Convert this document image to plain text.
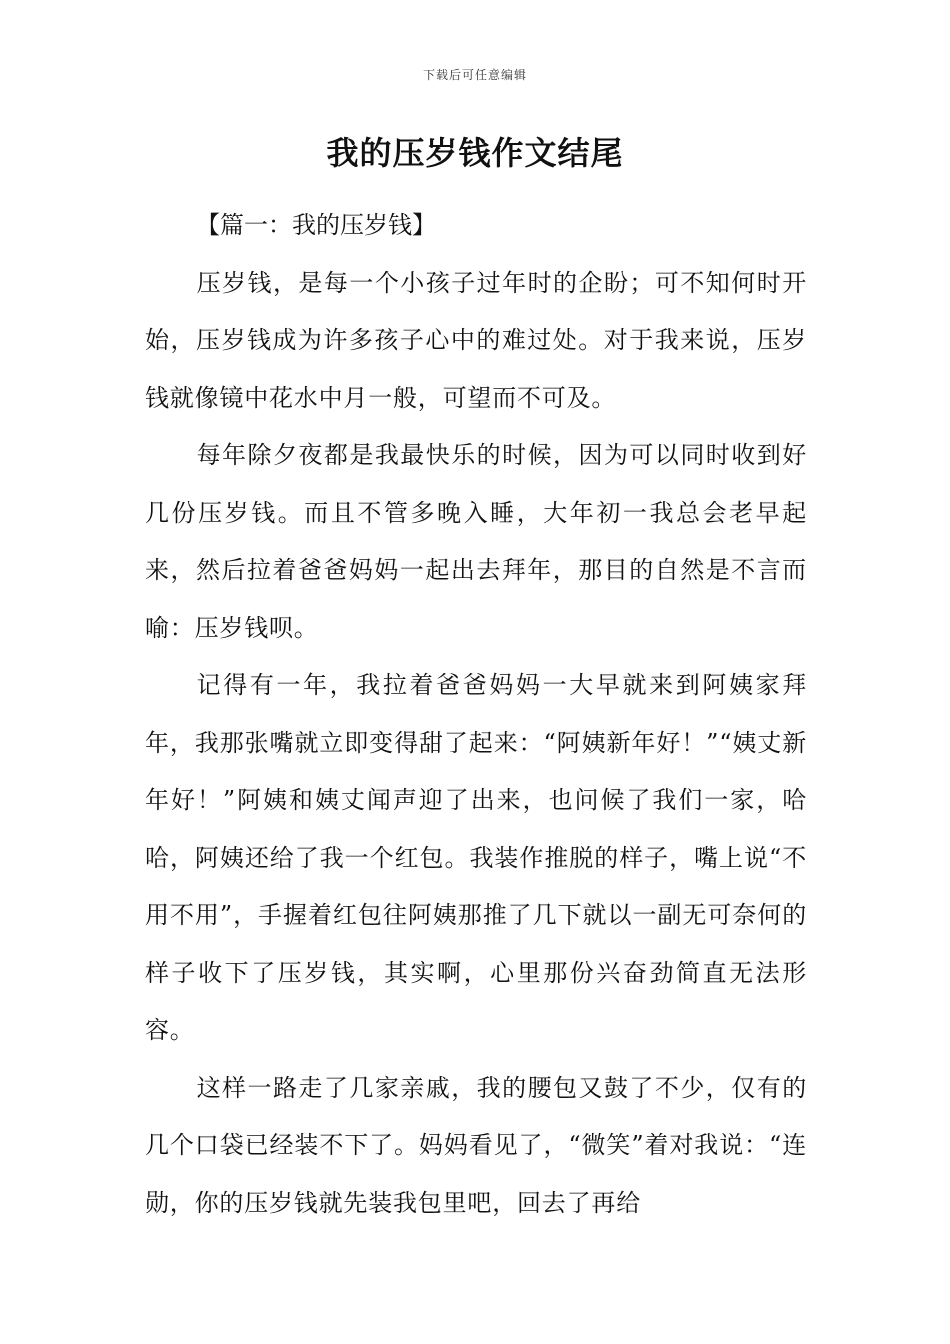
下载后可任意编辑
我的压岁钱作文结尾

【篇一：我的压岁钱】

压岁钱，是每一个小孩子过年时的企盼；可不知何时开始，压岁钱成为许多孩子心中的难过处。对于我来说，压岁钱就像镜中花水中月一般，可望而不可及。

每年除夕夜都是我最快乐的时候，因为可以同时收到好几份压岁钱。而且不管多晚入睡，大年初一我总会老早起来，然后拉着爸爸妈妈一起出去拜年，那目的自然是不言而喻：压岁钱呗。

记得有一年，我拉着爸爸妈妈一大早就来到阿姨家拜年，我那张嘴就立即变得甜了起来：“阿姨新年好！”“姨丈新年好！”阿姨和姨丈闻声迎了出来，也问候了我们一家，哈哈，阿姨还给了我一个红包。我装作推脱的样子，嘴上说“不用不用”，手握着红包往阿姨那推了几下就以一副无可奈何的样子收下了压岁钱，其实啊，心里那份兴奋劲简直无法形容。

这样一路走了几家亲戚，我的腰包又鼓了不少，仅有的几个口袋已经装不下了。妈妈看见了，“微笑”着对我说：“连勋，你的压岁钱就先装我包里吧，回去了再给
